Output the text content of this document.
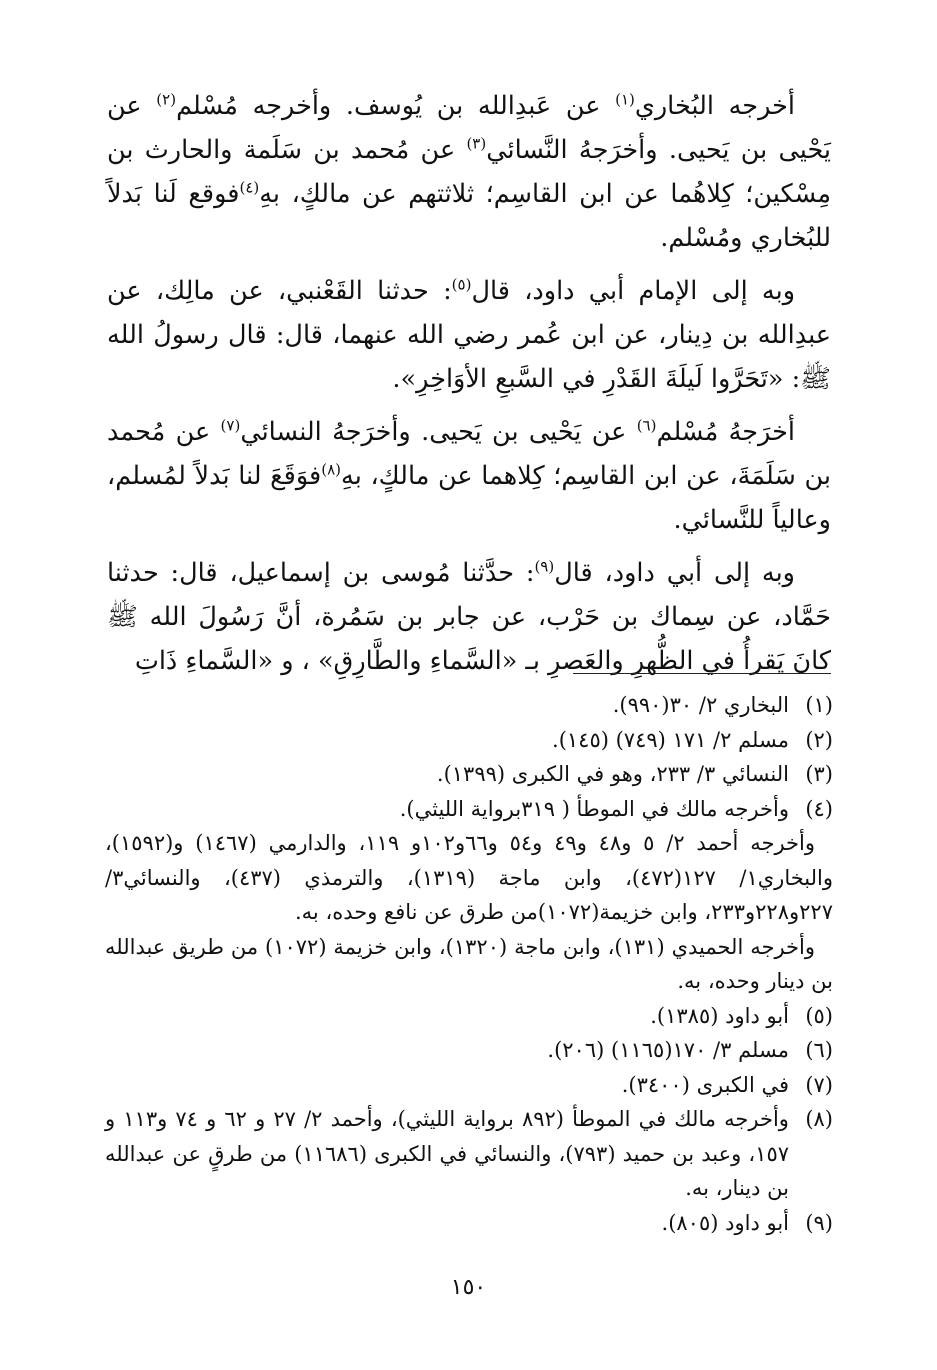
أخرجه البُخاري$^{(١)}$ عن عَبدِالله بن يُوسف. وأخرجه مُسْلم$^{(٢)}$ عن يَحْيى بن يَحيى. وأخرَجهُ النَّسائي$^{(٣)}$ عن مُحمد بن سَلَمة والحارث بن مِسْكين؛ كِلاهُما عن ابن القاسِم؛ ثلاثتهم عن مالكٍ، بهِ$^{(٤)}$فوقع لَنا بَدلاً للبُخاري ومُسْلم.

وبه إلى الإمام أبي داود، قال$^{(٥)}$: حدثنا القَعْنبي، عن مالِك، عن عبدِالله بن دِينار، عن ابن عُمر رضي الله عنهما، قال: قال رسولُ الله ﷺ: «تَحَرَّوا لَيلَةَ القَدْرِ في السَّبعِ الأوَاخِرِ».

أخرَجهُ مُسْلم$^{(٦)}$ عن يَحْيى بن يَحيى. وأخرَجهُ النسائي$^{(٧)}$ عن مُحمد بن سَلَمَةَ، عن ابن القاسِم؛ كِلاهما عن مالكٍ، بهِ$^{(٨)}$فوَقَعَ لنا بَدلاً لمُسلم، وعالياً للنَّسائي.

وبه إلى أبي داود، قال$^{(٩)}$: حدَّثنا مُوسى بن إسماعيل، قال: حدثنا حَمَّاد، عن سِماك بن حَرْب، عن جابر بن سَمُرة، أنَّ رَسُولَ الله ﷺ كانَ يَقرأُ في الظُّهرِ والعَصرِ بـ «السَّماءِ والطَّارِقِ» ، و «السَّماءِ ذَاتِ

(١)
البخاري ٢/ ٣٠(٩٩٠).
(٢)
مسلم ٢/ ١٧١ (٧٤٩) (١٤٥).
(٣)
النسائي ٣/ ٢٣٣، وهو في الكبرى (١٣٩٩).
(٤)
وأخرجه مالك في الموطأ ( ٣١٩برواية الليثي).

وأخرجه أحمد ٢/ ٥ و٤٨ و٤٩ و٥٤ و٦٦و١٠٢و ١١٩، والدارمي (١٤٦٧) و(١٥٩٢)، والبخاري١/ ١٢٧(٤٧٢)، وابن ماجة (١٣١٩)، والترمذي (٤٣٧)، والنسائي٣/ ٢٢٧و٢٢٨و٢٣٣، وابن خزيمة(١٠٧٢)من طرق عن نافع وحده، به.

وأخرجه الحميدي (١٣١)، وابن ماجة (١٣٢٠)، وابن خزيمة (١٠٧٢) من طريق عبدالله بن دينار وحده، به.

(٥)
أبو داود (١٣٨٥).
(٦)
مسلم ٣/ ١٧٠(١١٦٥) (٢٠٦).
(٧)
في الكبرى (٣٤٠٠).
(٨)
وأخرجه مالك في الموطأ (٨٩٢ برواية الليثي)، وأحمد ٢/ ٢٧ و ٦٢ و ٧٤ و١١٣ و ١٥٧، وعبد بن حميد (٧٩٣)، والنسائي في الكبرى (١١٦٨٦) من طرقٍ عن عبدالله بن دينار، به.
(٩)
أبو داود (٨٠٥).
١٥٠
